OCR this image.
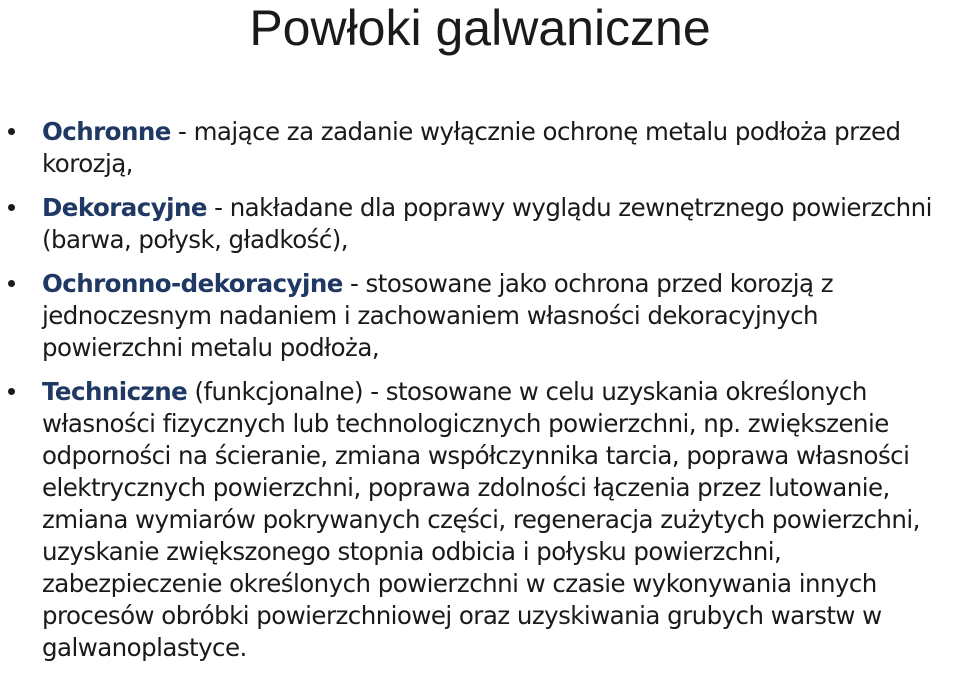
Powłoki galwaniczne
Ochronne - mające za zadanie wyłącznie ochronę metalu podłoża przed korozją,
Dekoracyjne - nakładane dla poprawy wyglądu zewnętrznego powierzchni (barwa, połysk, gładkość),
Ochronno-dekoracyjne - stosowane jako ochrona przed korozją z jednoczesnym nadaniem i zachowaniem własności dekoracyjnych powierzchni metalu podłoża,
Techniczne (funkcjonalne) - stosowane w celu uzyskania określonych własności fizycznych lub technologicznych powierzchni, np. zwiększenie odporności na ścieranie, zmiana współczynnika tarcia, poprawa własności elektrycznych powierzchni, poprawa zdolności łączenia przez lutowanie, zmiana wymiarów pokrywanych części, regeneracja zużytych powierzchni, uzyskanie zwiększonego stopnia odbicia i połysku powierzchni, zabezpieczenie określonych powierzchni w czasie wykonywania innych procesów obróbki powierzchniowej oraz uzyskiwania grubych warstw w galwanoplastyce.
